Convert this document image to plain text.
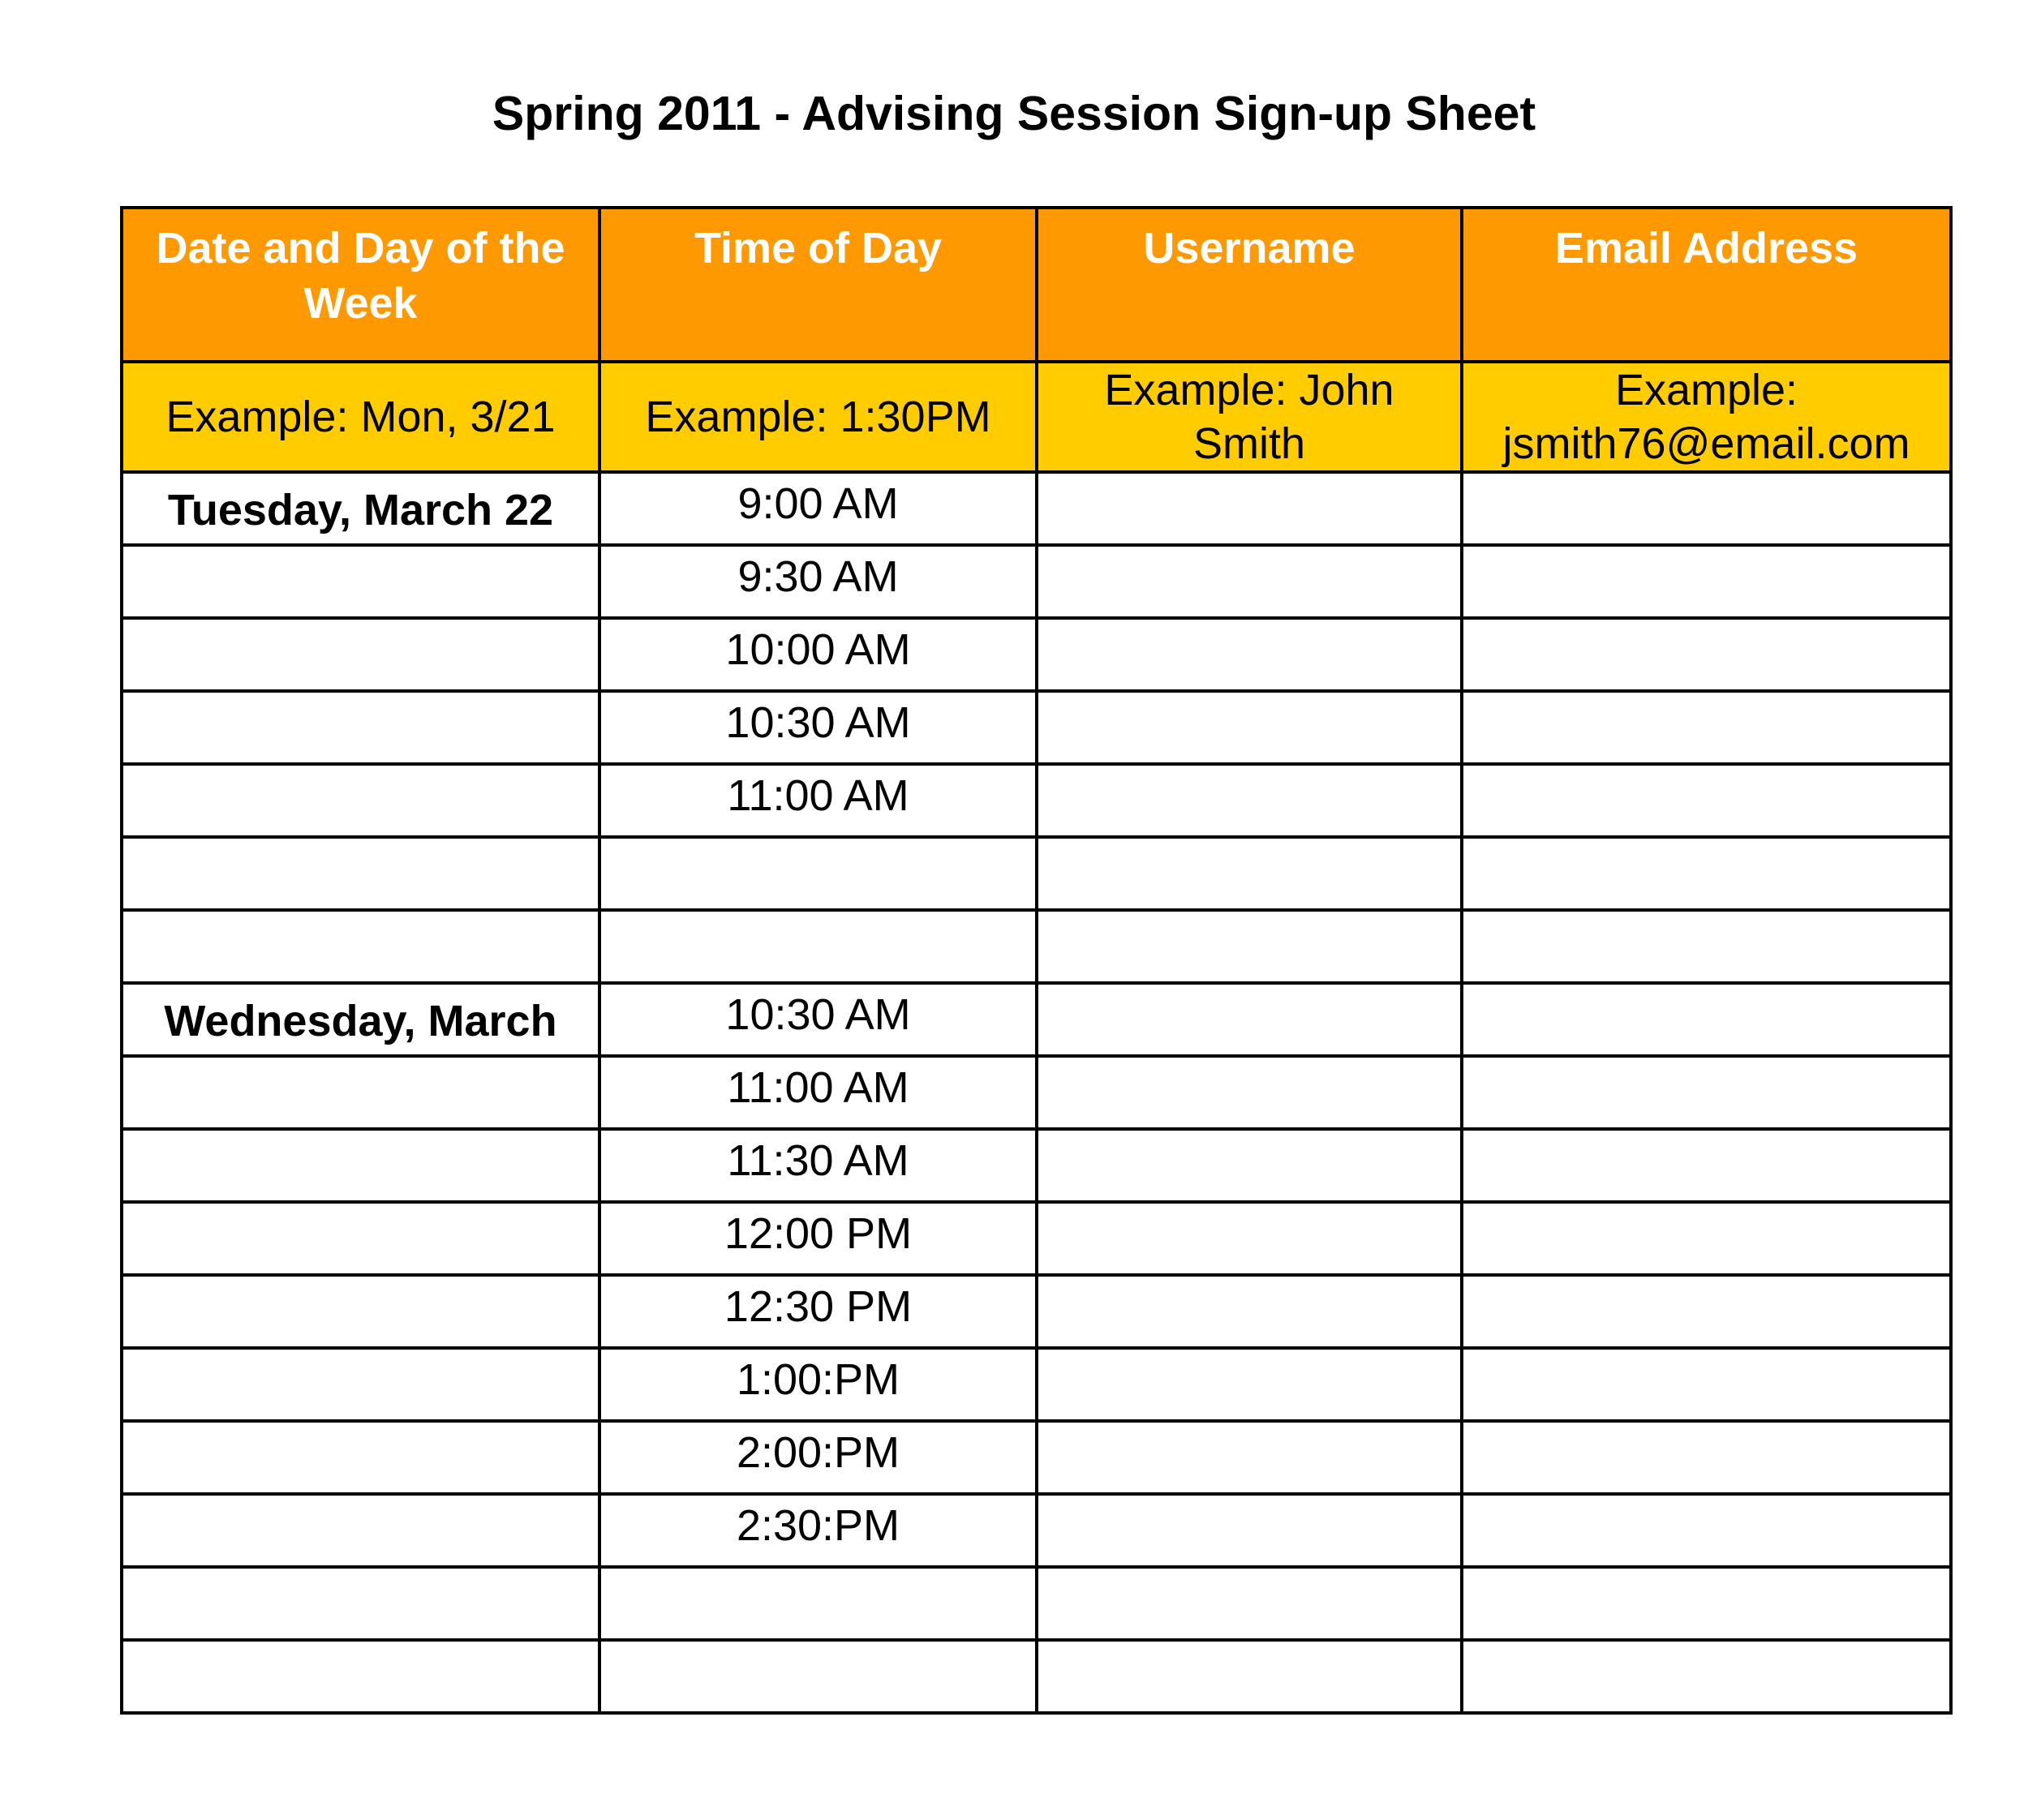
Spring 2011 - Advising Session Sign-up Sheet
Date and Day of the Week	Time of Day	Username	Email Address
Example: Mon, 3/21	Example: 1:30PM	Example: John Smith	Example: jsmith76@email.com
Tuesday, March 22	9:00 AM		
	9:30 AM		
	10:00 AM		
	10:30 AM		
	11:00 AM		

Wednesday, March	10:30 AM		
	11:00 AM		
	11:30 AM		
	12:00 PM		
	12:30 PM		
	1:00:PM		
	2:00:PM		
	2:30:PM		
